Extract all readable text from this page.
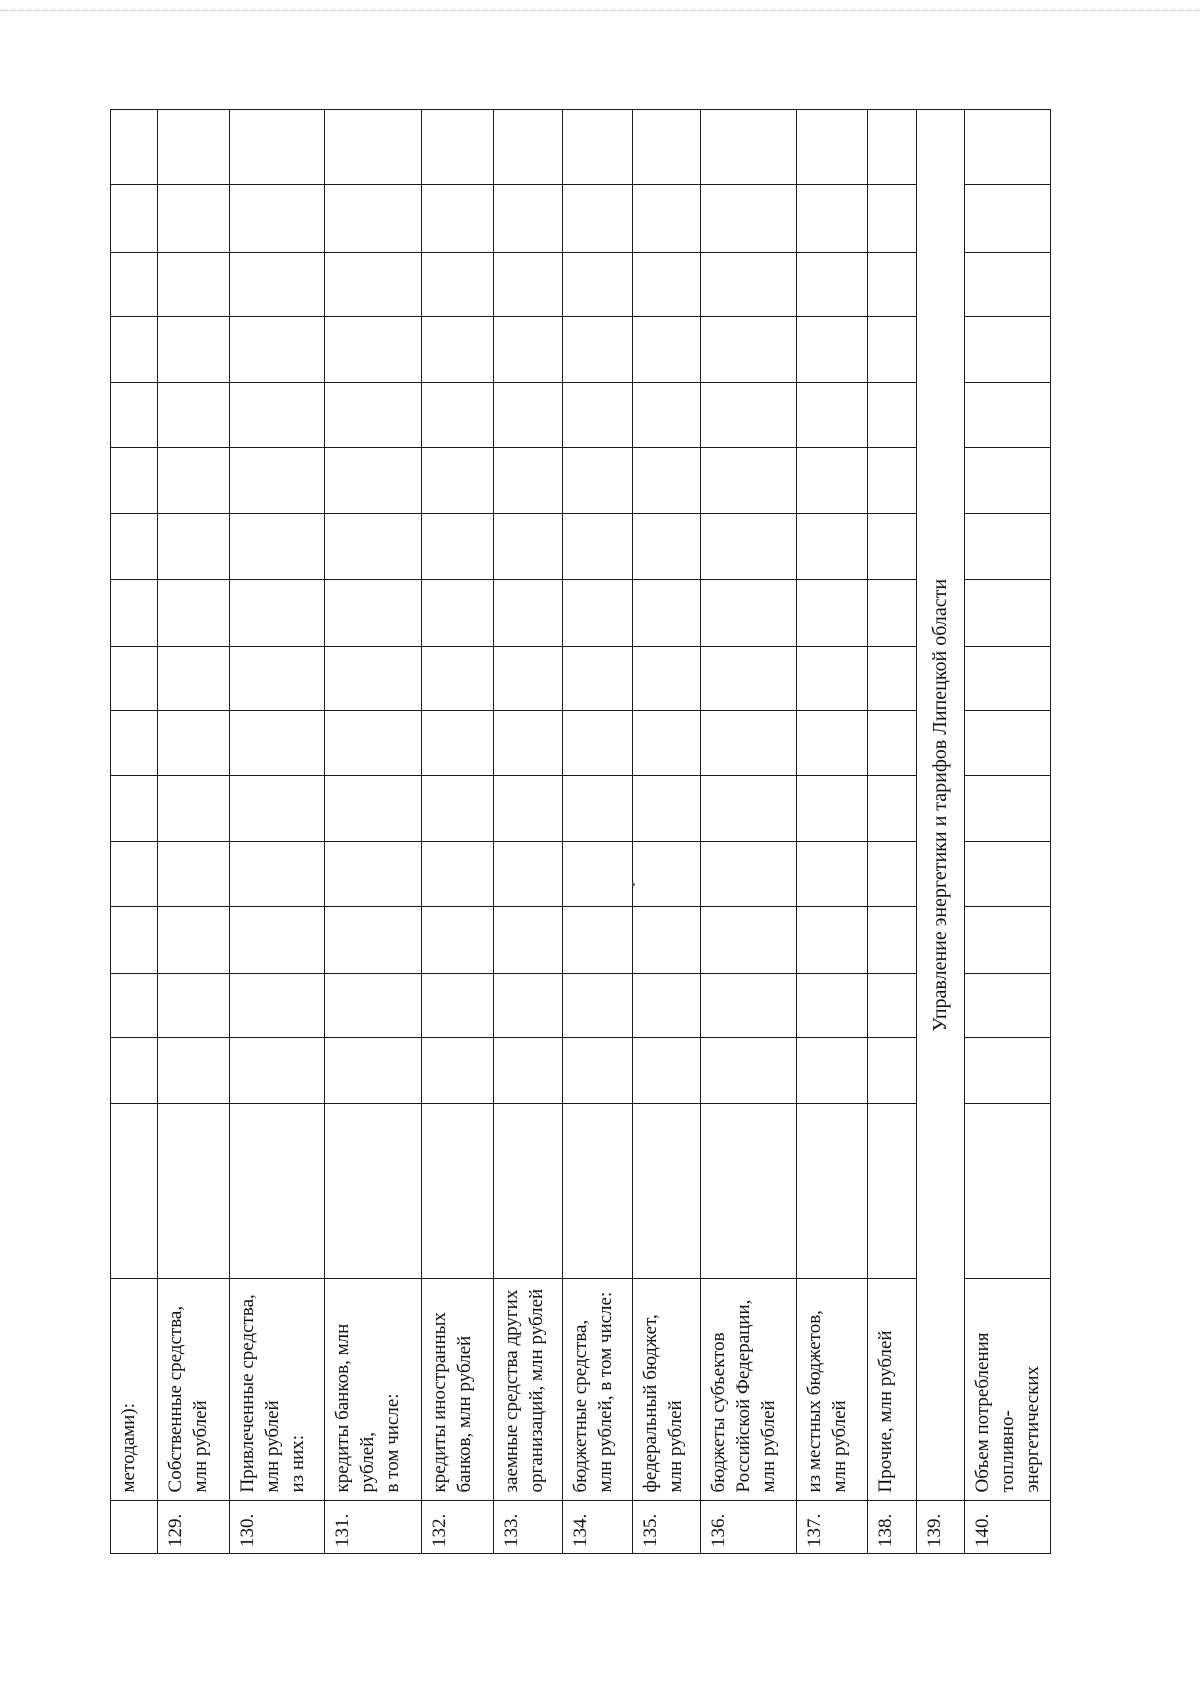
	методами):																
129.	Собственные средства, млн рублей																
130.	Привлеченные средства,
млн рублей
из них:																
131.	кредиты банков, млн рублей,
в том числе:																
132.	кредиты иностранных банков, млн рублей																
133.	заемные средства других организаций, млн рублей																
134.	бюджетные средства, млн рублей, в том числе:																
135.	федеральный бюджет, млн рублей																
136.	бюджеты субъектов
Российской Федерации,
млн рублей																
137.	из местных бюджетов, млн рублей																
138.	Прочие, млн рублей																
139.	Управление энергетики и тарифов Липецкой области																
140.	Объем потребления
топливно-энергетических																
